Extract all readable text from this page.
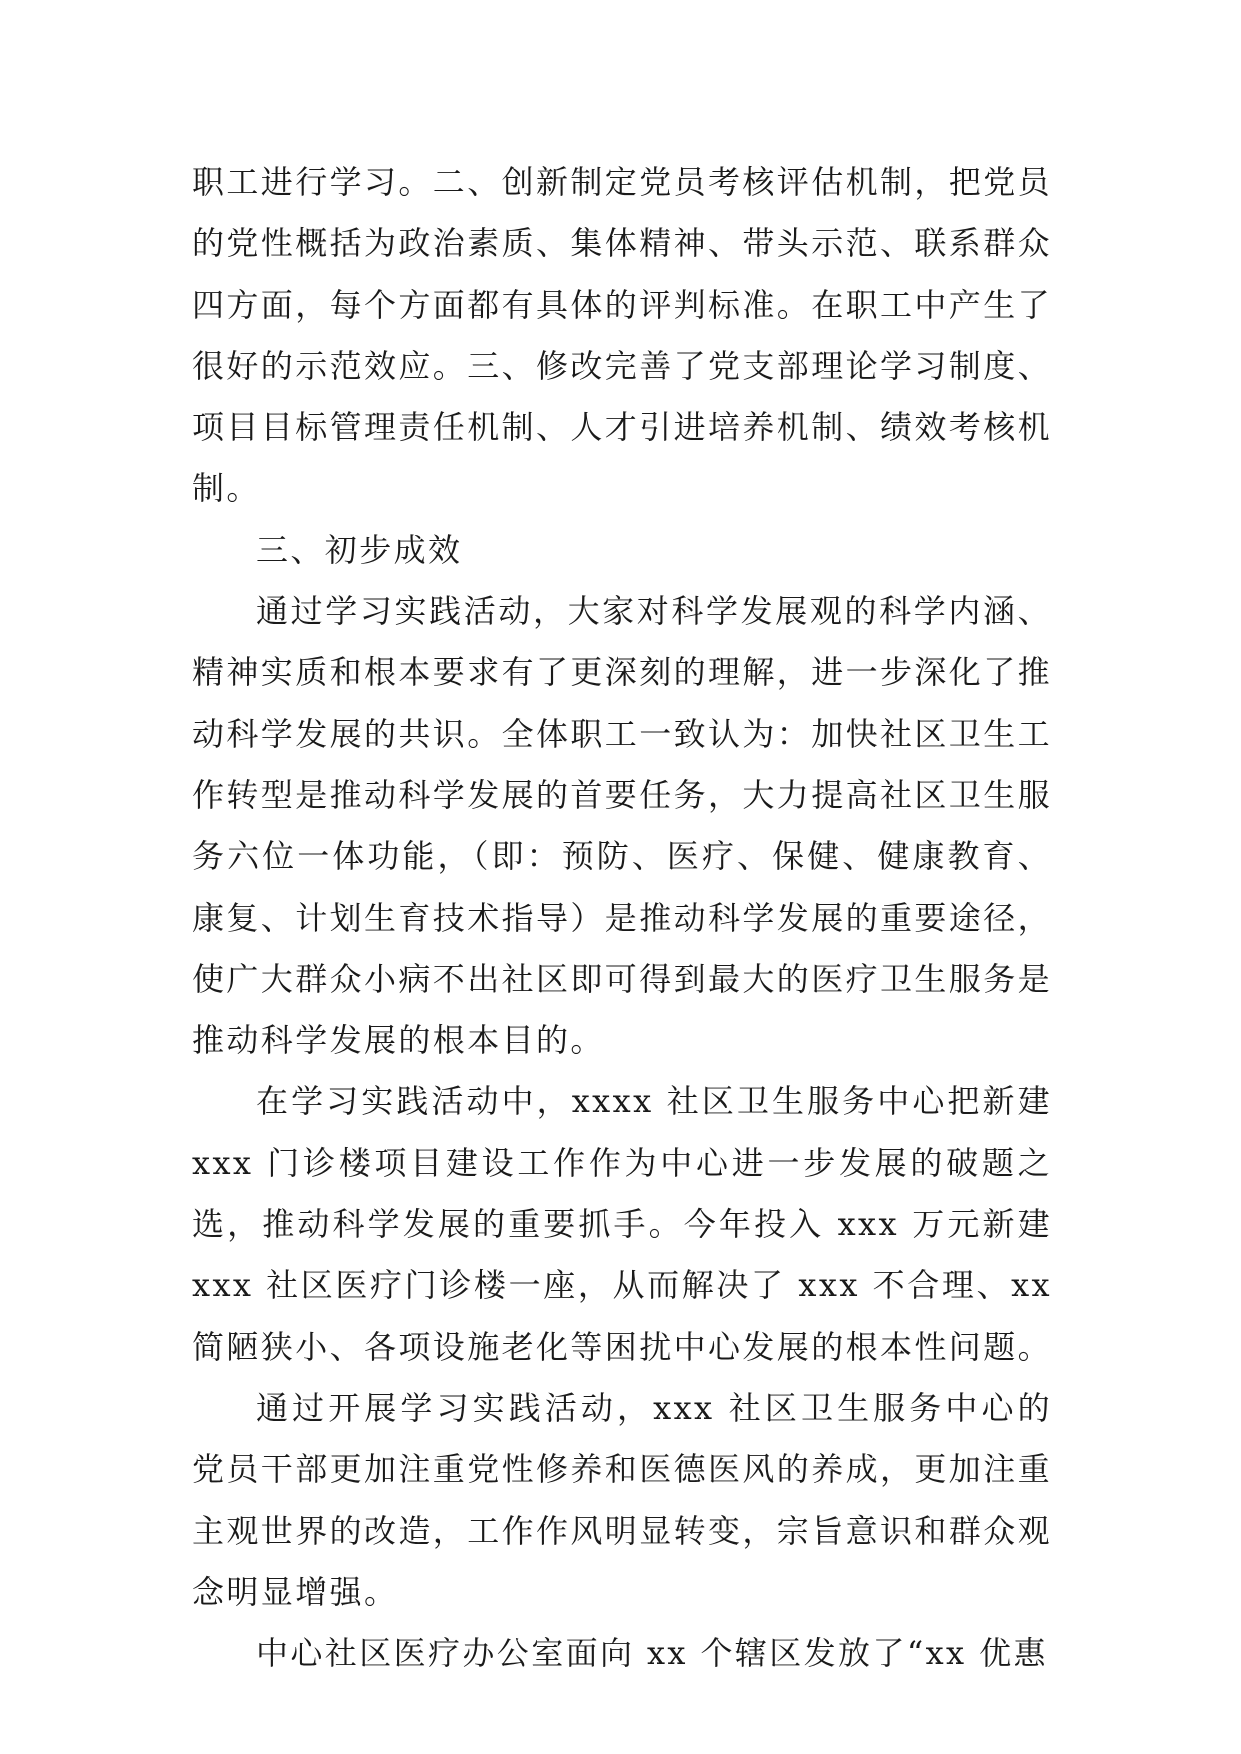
职工进行学习。二、创新制定党员考核评估机制，把党员的党性概括为政治素质、集体精神、带头示范、联系群众四方面，每个方面都有具体的评判标准。在职工中产生了很好的示范效应。三、修改完善了党支部理论学习制度、项目目标管理责任机制、人才引进培养机制、绩效考核机制。

三、初步成效

通过学习实践活动，大家对科学发展观的科学内涵、精神实质和根本要求有了更深刻的理解，进一步深化了推动科学发展的共识。全体职工一致认为：加快社区卫生工作转型是推动科学发展的首要任务，大力提高社区卫生服务六位一体功能，（即：预防、医疗、保健、健康教育、康复、计划生育技术指导）是推动科学发展的重要途径，使广大群众小病不出社区即可得到最大的医疗卫生服务是推动科学发展的根本目的。

在学习实践活动中，xxxx 社区卫生服务中心把新建 xxx 门诊楼项目建设工作作为中心进一步发展的破题之选，推动科学发展的重要抓手。今年投入 xxx 万元新建 xxx 社区医疗门诊楼一座，从而解决了 xxx 不合理、xx 简陋狭小、各项设施老化等困扰中心发展的根本性问题。

通过开展学习实践活动，xxx 社区卫生服务中心的党员干部更加注重党性修养和医德医风的养成，更加注重主观世界的改造，工作作风明显转变，宗旨意识和群众观念明显增强。

中心社区医疗办公室面向 xx 个辖区发放了“xx 优惠
